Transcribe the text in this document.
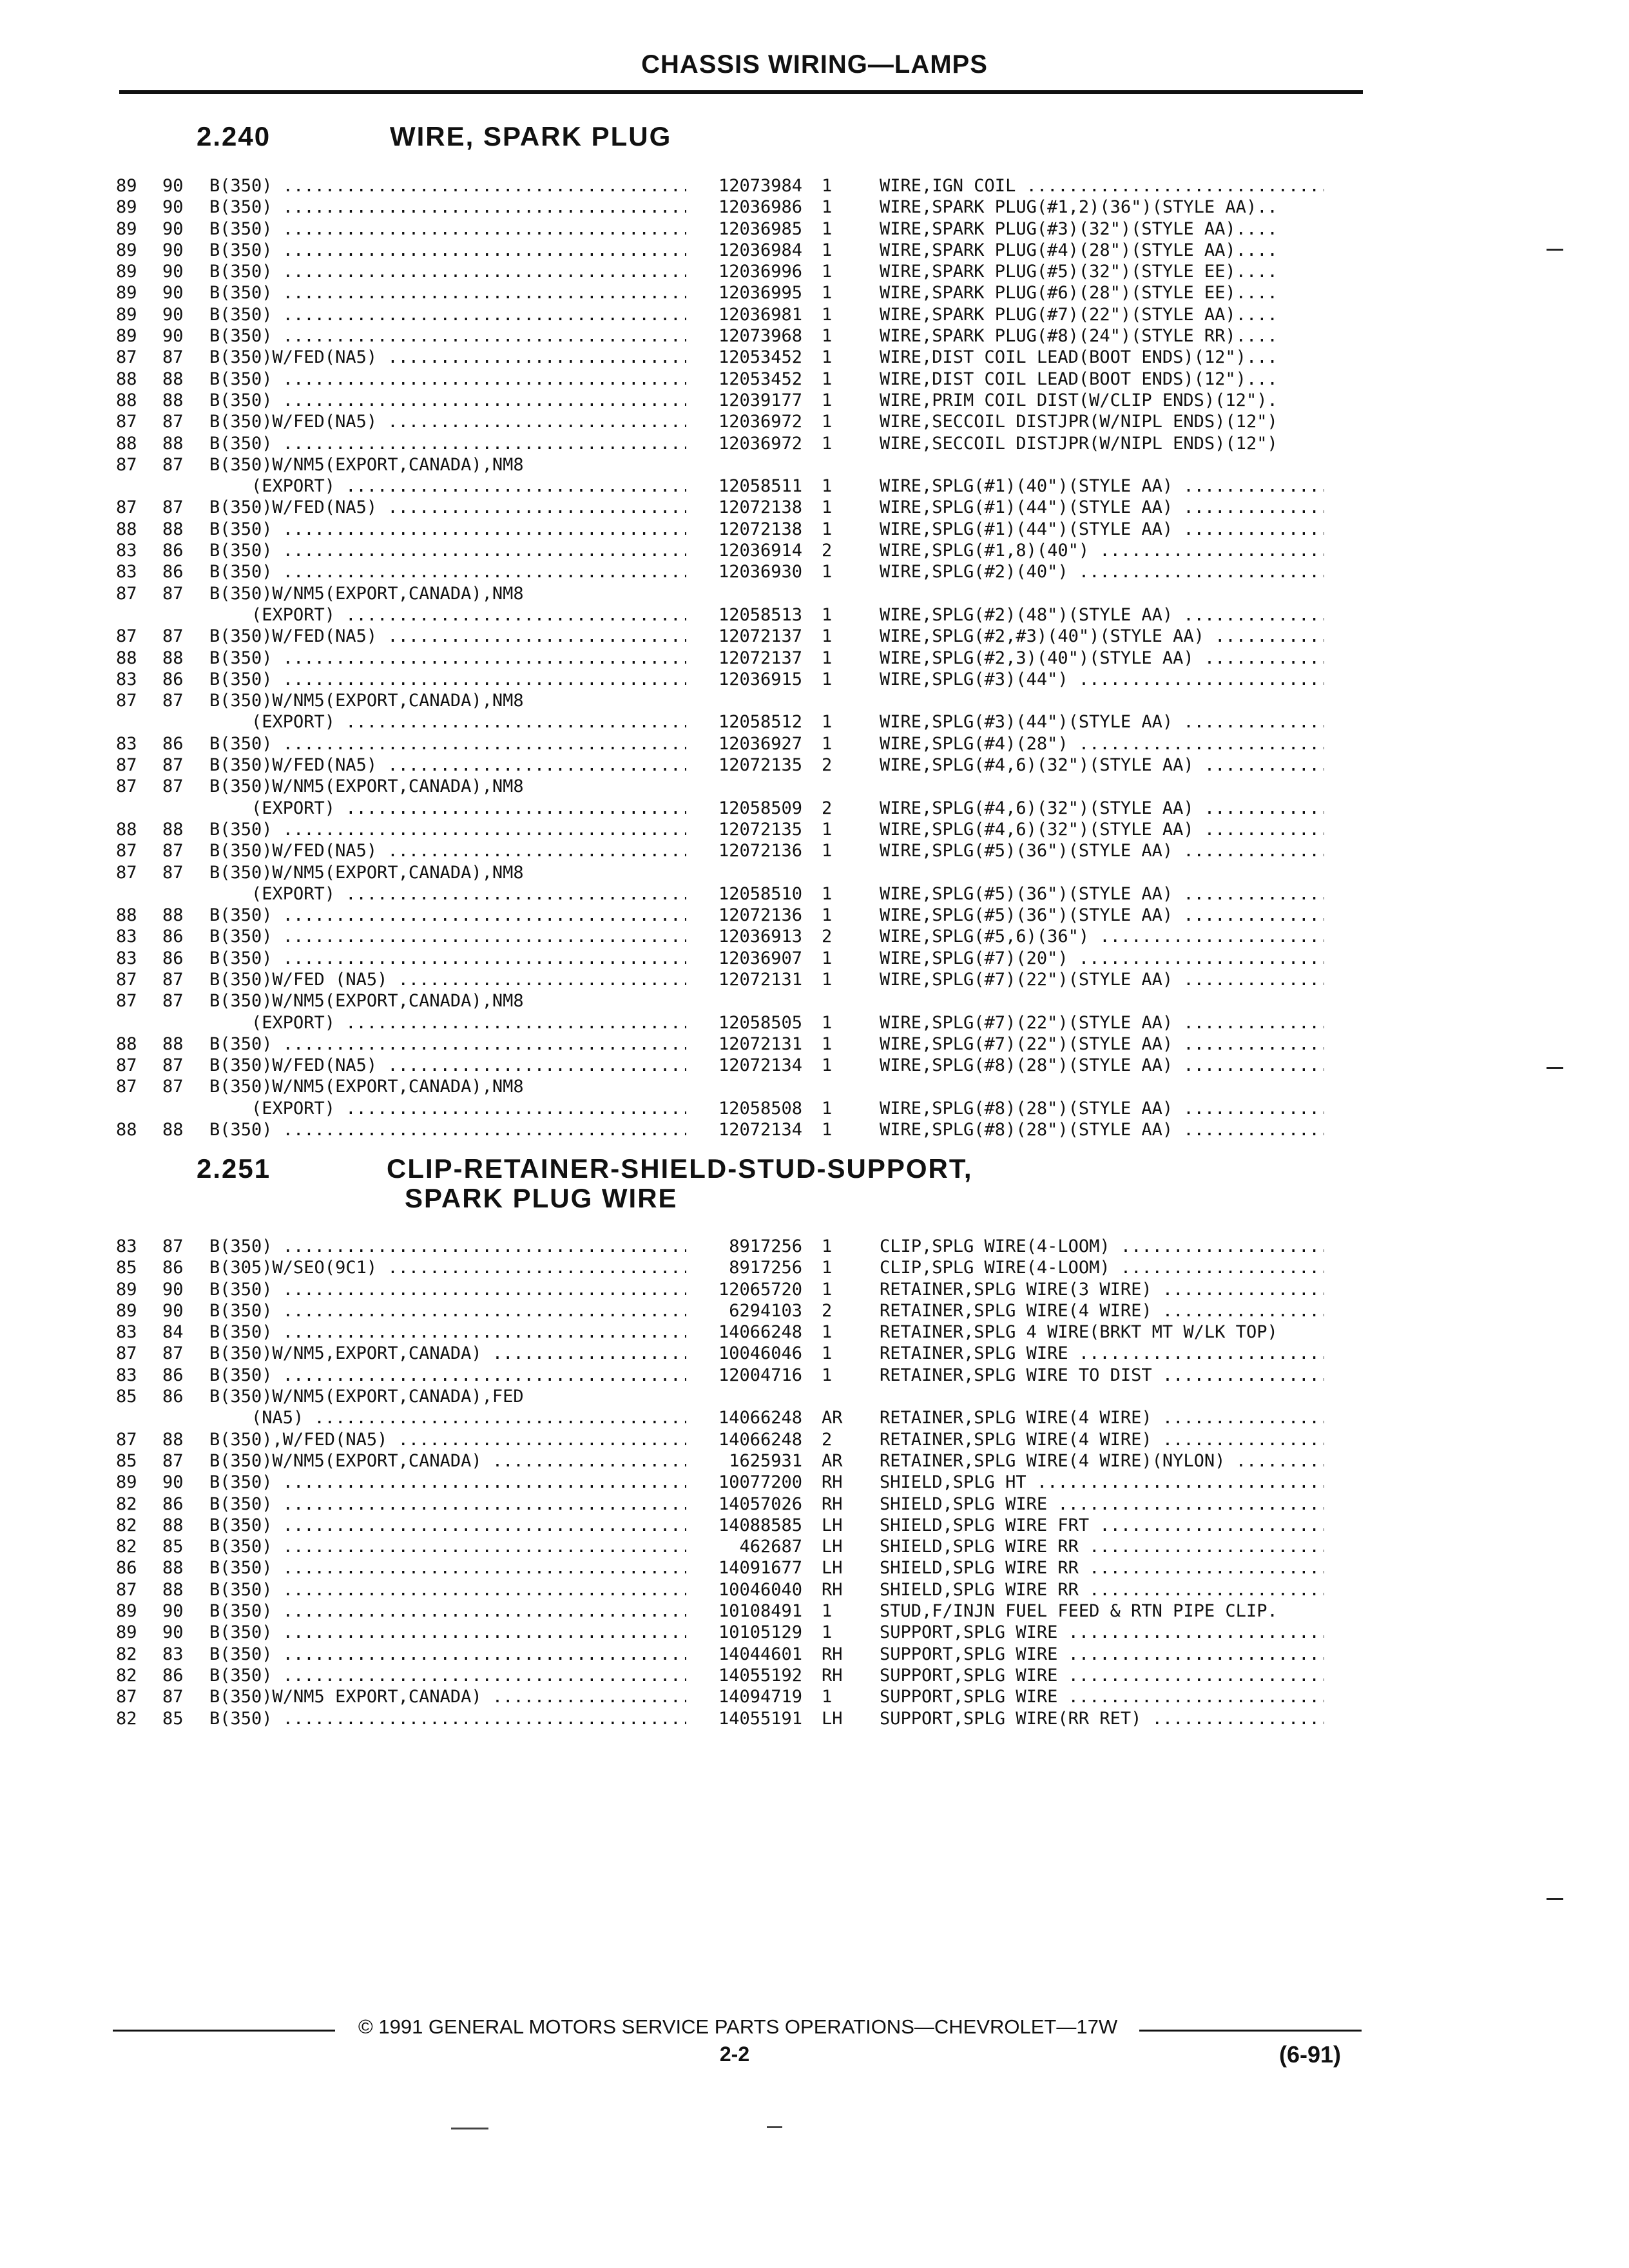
CHASSIS WIRING—LAMPS
2.240	WIRE, SPARK PLUG
89 90 B(350) .....	12073984 1	WIRE,IGN COIL .....
89 90 B(350) .....	12036986 1	WIRE,SPARK PLUG(#1,2)(36")(STYLE AA)..
89 90 B(350) .....	12036985 1	WIRE,SPARK PLUG(#3)(32")(STYLE AA)....
89 90 B(350) .....	12036984 1	WIRE,SPARK PLUG(#4)(28")(STYLE AA)....
89 90 B(350) .....	12036996 1	WIRE,SPARK PLUG(#5)(32")(STYLE EE)....
89 90 B(350) .....	12036995 1	WIRE,SPARK PLUG(#6)(28")(STYLE EE)....
89 90 B(350) .....	12036981 1	WIRE,SPARK PLUG(#7)(22")(STYLE AA)....
89 90 B(350) .....	12073968 1	WIRE,SPARK PLUG(#8)(24")(STYLE RR)....
87 87 B(350)W/FED(NA5) .....	12053452 1	WIRE,DIST COIL LEAD(BOOT ENDS)(12")...
88 88 B(350) .....	12053452 1	WIRE,DIST COIL LEAD(BOOT ENDS)(12")...
88 88 B(350) .....	12039177 1	WIRE,PRIM COIL DIST(W/CLIP ENDS)(12").
87 87 B(350)W/FED(NA5) .....	12036972 1	WIRE,SECCOIL DISTJPR(W/NIPL ENDS)(12")
88 88 B(350) .....	12036972 1	WIRE,SECCOIL DISTJPR(W/NIPL ENDS)(12")
87 87 B(350)W/NM5(EXPORT,CANADA),NM8
(EXPORT) .....	12058511 1	WIRE,SPLG(#1)(40")(STYLE AA) .....
87 87 B(350)W/FED(NA5) .....	12072138 1	WIRE,SPLG(#1)(44")(STYLE AA) .....
88 88 B(350) .....	12072138 1	WIRE,SPLG(#1)(44")(STYLE AA) .....
83 86 B(350) .....	12036914 2	WIRE,SPLG(#1,8)(40") .....
83 86 B(350) .....	12036930 1	WIRE,SPLG(#2)(40") .....
87 87 B(350)W/NM5(EXPORT,CANADA),NM8
(EXPORT) .....	12058513 1	WIRE,SPLG(#2)(48")(STYLE AA) .....
87 87 B(350)W/FED(NA5) .....	12072137 1	WIRE,SPLG(#2,#3)(40")(STYLE AA) .....
88 88 B(350) .....	12072137 1	WIRE,SPLG(#2,3)(40")(STYLE AA) .....
83 86 B(350) .....	12036915 1	WIRE,SPLG(#3)(44") .....
87 87 B(350)W/NM5(EXPORT,CANADA),NM8
(EXPORT) .....	12058512 1	WIRE,SPLG(#3)(44")(STYLE AA) .....
83 86 B(350) .....	12036927 1	WIRE,SPLG(#4)(28") .....
87 87 B(350)W/FED(NA5) .....	12072135 2	WIRE,SPLG(#4,6)(32")(STYLE AA) .....
87 87 B(350)W/NM5(EXPORT,CANADA),NM8
(EXPORT) .....	12058509 2	WIRE,SPLG(#4,6)(32")(STYLE AA) .....
88 88 B(350) .....	12072135 1	WIRE,SPLG(#4,6)(32")(STYLE AA) .....
87 87 B(350)W/FED(NA5) .....	12072136 1	WIRE,SPLG(#5)(36")(STYLE AA) .....
87 87 B(350)W/NM5(EXPORT,CANADA),NM8
(EXPORT) .....	12058510 1	WIRE,SPLG(#5)(36")(STYLE AA) .....
88 88 B(350) .....	12072136 1	WIRE,SPLG(#5)(36")(STYLE AA) .....
83 86 B(350) .....	12036913 2	WIRE,SPLG(#5,6)(36") .....
83 86 B(350) .....	12036907 1	WIRE,SPLG(#7)(20") .....
87 87 B(350)W/FED (NA5) .....	12072131 1	WIRE,SPLG(#7)(22")(STYLE AA) .....
87 87 B(350)W/NM5(EXPORT,CANADA),NM8
(EXPORT) .....	12058505 1	WIRE,SPLG(#7)(22")(STYLE AA) .....
88 88 B(350) .....	12072131 1	WIRE,SPLG(#7)(22")(STYLE AA) .....
87 87 B(350)W/FED(NA5) .....	12072134 1	WIRE,SPLG(#8)(28")(STYLE AA) .....
87 87 B(350)W/NM5(EXPORT,CANADA),NM8
(EXPORT) .....	12058508 1	WIRE,SPLG(#8)(28")(STYLE AA) .....
88 88 B(350) .....	12072134 1	WIRE,SPLG(#8)(28")(STYLE AA) .....
2.251	CLIP-RETAINER-SHIELD-STUD-SUPPORT,
SPARK PLUG WIRE
83 87 B(350) .....	8917256 1	CLIP,SPLG WIRE(4-LOOM) .....
85 86 B(305)W/SEO(9C1) .....	8917256 1	CLIP,SPLG WIRE(4-LOOM) .....
89 90 B(350) .....	12065720 1	RETAINER,SPLG WIRE(3 WIRE) .....
89 90 B(350) .....	6294103 2	RETAINER,SPLG WIRE(4 WIRE) .....
83 84 B(350) .....	14066248 1	RETAINER,SPLG 4 WIRE(BRKT MT W/LK TOP)
87 87 B(350)W/NM5,EXPORT,CANADA) .....	10046046 1	RETAINER,SPLG WIRE .....
83 86 B(350) .....	12004716 1	RETAINER,SPLG WIRE TO DIST .....
85 86 B(350)W/NM5(EXPORT,CANADA),FED
(NA5) .....	14066248 AR RETAINER,SPLG WIRE(4 WIRE) .....
87 88 B(350),W/FED(NA5) .....	14066248 2	RETAINER,SPLG WIRE(4 WIRE) .....
85 87 B(350)W/NM5(EXPORT,CANADA) .....	1625931 AR RETAINER,SPLG WIRE(4 WIRE)(NYLON) .....
89 90 B(350) .....	10077200 RH SHIELD,SPLG HT .....
82 86 B(350) .....	14057026 RH SHIELD,SPLG WIRE .....
82 88 B(350) .....	14088585 LH SHIELD,SPLG WIRE FRT .....
82 85 B(350) .....	462687 LH SHIELD,SPLG WIRE RR .....
86 88 B(350) .....	14091677 LH SHIELD,SPLG WIRE RR .....
87 88 B(350) .....	10046040 RH SHIELD,SPLG WIRE RR .....
89 90 B(350) .....	10108491 1	STUD,F/INJN FUEL FEED & RTN PIPE CLIP.
89 90 B(350) .....	10105129 1	SUPPORT,SPLG WIRE .....
82 83 B(350) .....	14044601 RH SUPPORT,SPLG WIRE .....
82 86 B(350) .....	14055192 RH SUPPORT,SPLG WIRE .....
87 87 B(350)W/NM5 EXPORT,CANADA) .....	14094719 1	SUPPORT,SPLG WIRE .....
82 85 B(350) .....	14055191 LH SUPPORT,SPLG WIRE(RR RET) .....
© 1991 GENERAL MOTORS SERVICE PARTS OPERATIONS—CHEVROLET—17W
2-2	(6-91)
